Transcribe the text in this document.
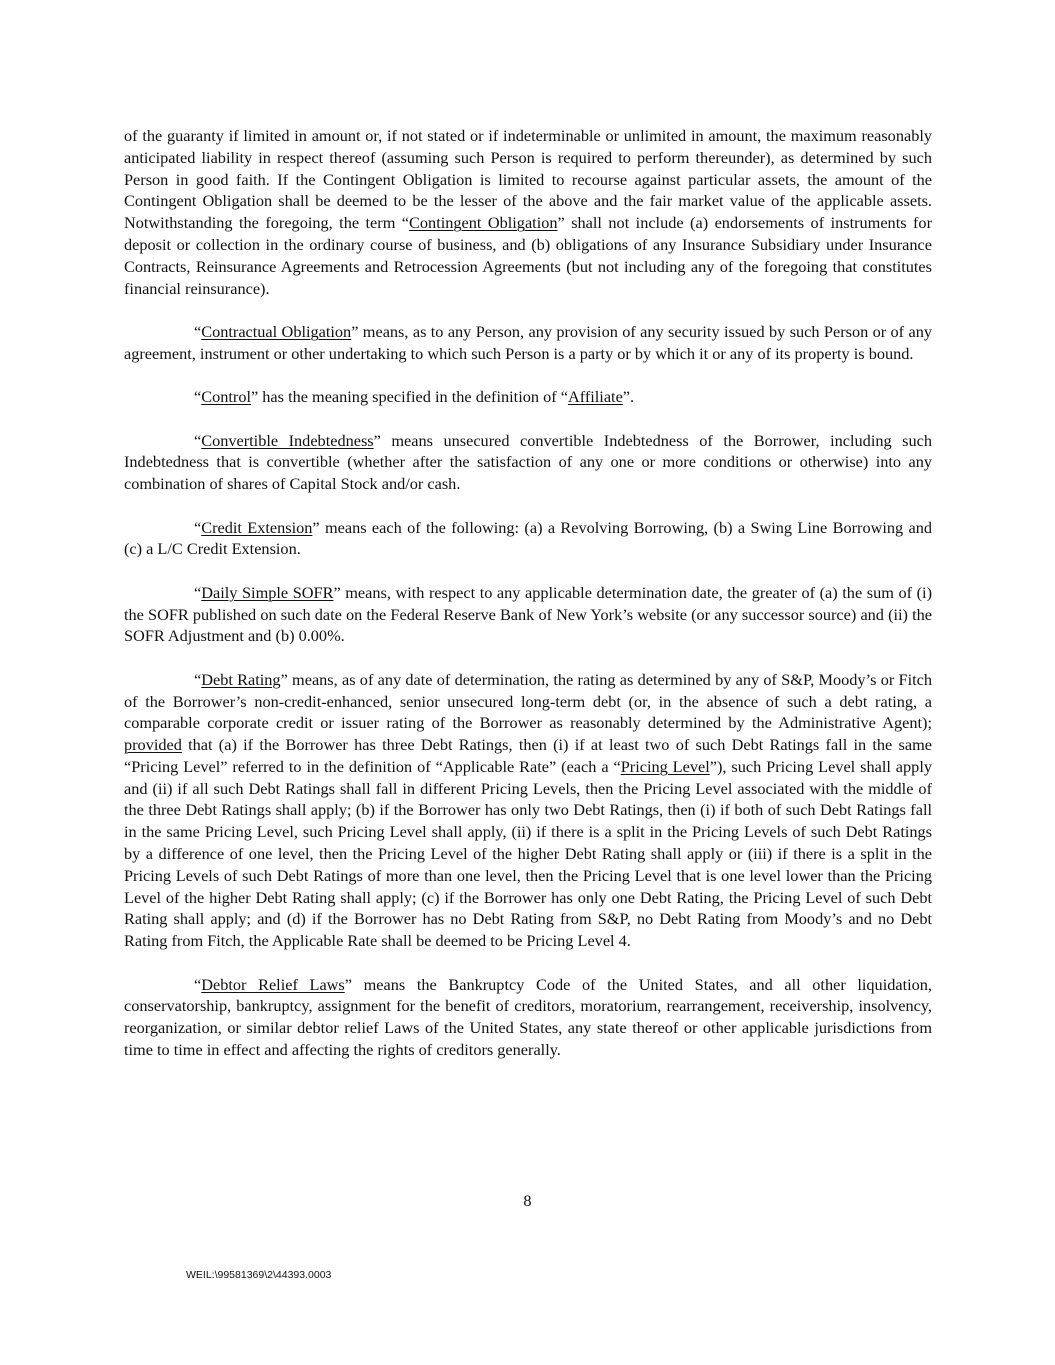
of the guaranty if limited in amount or, if not stated or if indeterminable or unlimited in amount, the maximum reasonably anticipated liability in respect thereof (assuming such Person is required to perform thereunder), as determined by such Person in good faith. If the Contingent Obligation is limited to recourse against particular assets, the amount of the Contingent Obligation shall be deemed to be the lesser of the above and the fair market value of the applicable assets. Notwithstanding the foregoing, the term “Contingent Obligation” shall not include (a) endorsements of instruments for deposit or collection in the ordinary course of business, and (b) obligations of any Insurance Subsidiary under Insurance Contracts, Reinsurance Agreements and Retrocession Agreements (but not including any of the foregoing that constitutes financial reinsurance).

“Contractual Obligation” means, as to any Person, any provision of any security issued by such Person or of any agreement, instrument or other undertaking to which such Person is a party or by which it or any of its property is bound.

“Control” has the meaning specified in the definition of “Affiliate”.

“Convertible Indebtedness” means unsecured convertible Indebtedness of the Borrower, including such Indebtedness that is convertible (whether after the satisfaction of any one or more conditions or otherwise) into any combination of shares of Capital Stock and/or cash.

“Credit Extension” means each of the following: (a) a Revolving Borrowing, (b) a Swing Line Borrowing and (c) a L/C Credit Extension.

“Daily Simple SOFR” means, with respect to any applicable determination date, the greater of (a) the sum of (i) the SOFR published on such date on the Federal Reserve Bank of New York’s website (or any successor source) and (ii) the SOFR Adjustment and (b) 0.00%.

“Debt Rating” means, as of any date of determination, the rating as determined by any of S&P, Moody’s or Fitch of the Borrower’s non-credit-enhanced, senior unsecured long-term debt (or, in the absence of such a debt rating, a comparable corporate credit or issuer rating of the Borrower as reasonably determined by the Administrative Agent); provided that (a) if the Borrower has three Debt Ratings, then (i) if at least two of such Debt Ratings fall in the same “Pricing Level” referred to in the definition of “Applicable Rate” (each a “Pricing Level”), such Pricing Level shall apply and (ii) if all such Debt Ratings shall fall in different Pricing Levels, then the Pricing Level associated with the middle of the three Debt Ratings shall apply; (b) if the Borrower has only two Debt Ratings, then (i) if both of such Debt Ratings fall in the same Pricing Level, such Pricing Level shall apply, (ii) if there is a split in the Pricing Levels of such Debt Ratings by a difference of one level, then the Pricing Level of the higher Debt Rating shall apply or (iii) if there is a split in the Pricing Levels of such Debt Ratings of more than one level, then the Pricing Level that is one level lower than the Pricing Level of the higher Debt Rating shall apply; (c) if the Borrower has only one Debt Rating, the Pricing Level of such Debt Rating shall apply; and (d) if the Borrower has no Debt Rating from S&P, no Debt Rating from Moody’s and no Debt Rating from Fitch, the Applicable Rate shall be deemed to be Pricing Level 4.

“Debtor Relief Laws” means the Bankruptcy Code of the United States, and all other liquidation, conservatorship, bankruptcy, assignment for the benefit of creditors, moratorium, rearrangement, receivership, insolvency, reorganization, or similar debtor relief Laws of the United States, any state thereof or other applicable jurisdictions from time to time in effect and affecting the rights of creditors generally.

8
WEIL:\99581369\2\44393.0003
